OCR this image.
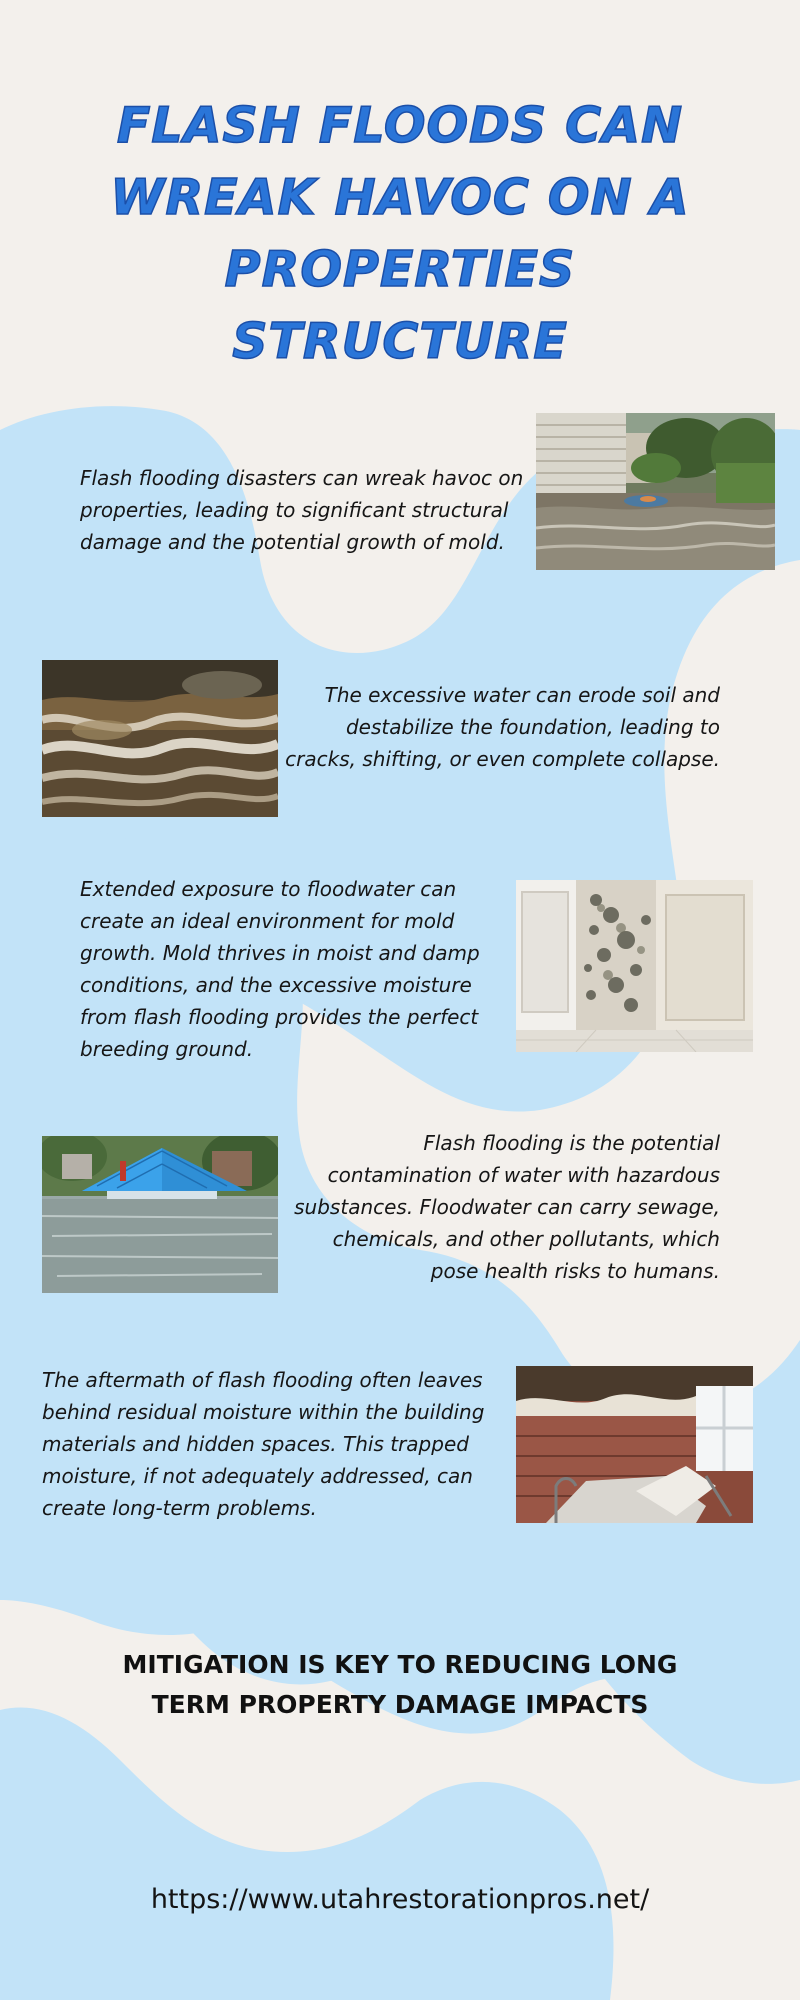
FLASH FLOODS CAN WREAK HAVOC ON A PROPERTIES STRUCTURE

Flash flooding disasters can wreak havoc on properties, leading to significant structural damage and the potential growth of mold.

The excessive water can erode soil and destabilize the foundation, leading to cracks, shifting, or even complete collapse.

Extended exposure to floodwater can create an ideal environment for mold growth. Mold thrives in moist and damp conditions, and the excessive moisture from flash flooding provides the perfect breeding ground.

Flash flooding is the potential contamination of water with hazardous substances. Floodwater can carry sewage, chemicals, and other pollutants, which pose health risks to humans.

The aftermath of flash flooding often leaves behind residual moisture within the building materials and hidden spaces. This trapped moisture, if not adequately addressed, can create long-term problems.

MITIGATION IS KEY TO REDUCING LONG TERM PROPERTY DAMAGE IMPACTS
https://www.utahrestorationpros.net/
